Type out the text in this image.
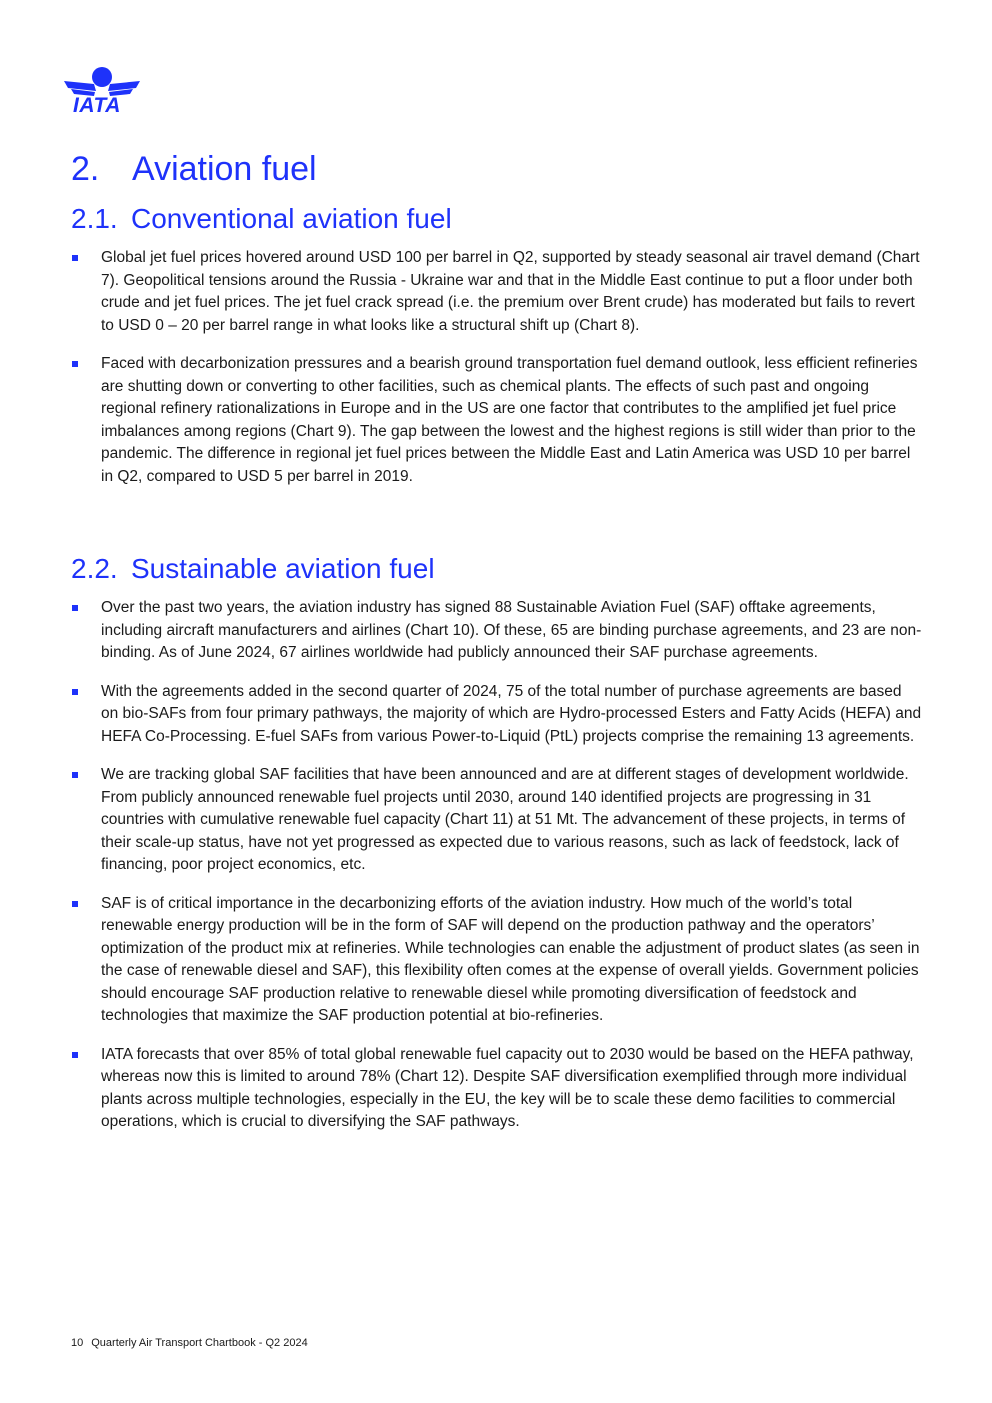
IATA
2. Aviation fuel
2.1. Conventional aviation fuel
Global jet fuel prices hovered around USD 100 per barrel in Q2, supported by steady seasonal air travel demand (Chart 7). Geopolitical tensions around the Russia - Ukraine war and that in the Middle East continue to put a floor under both crude and jet fuel prices. The jet fuel crack spread (i.e. the premium over Brent crude) has moderated but fails to revert to USD 0 – 20 per barrel range in what looks like a structural shift up (Chart 8).
Faced with decarbonization pressures and a bearish ground transportation fuel demand outlook, less efficient refineries are shutting down or converting to other facilities, such as chemical plants. The effects of such past and ongoing regional refinery rationalizations in Europe and in the US are one factor that contributes to the amplified jet fuel price imbalances among regions (Chart 9). The gap between the lowest and the highest regions is still wider than prior to the pandemic. The difference in regional jet fuel prices between the Middle East and Latin America was USD 10 per barrel in Q2, compared to USD 5 per barrel in 2019.
2.2. Sustainable aviation fuel
Over the past two years, the aviation industry has signed 88 Sustainable Aviation Fuel (SAF) offtake agreements, including aircraft manufacturers and airlines (Chart 10). Of these, 65 are binding purchase agreements, and 23 are non-binding. As of June 2024, 67 airlines worldwide had publicly announced their SAF purchase agreements.
With the agreements added in the second quarter of 2024, 75 of the total number of purchase agreements are based on bio-SAFs from four primary pathways, the majority of which are Hydro-processed Esters and Fatty Acids (HEFA) and HEFA Co-Processing. E-fuel SAFs from various Power-to-Liquid (PtL) projects comprise the remaining 13 agreements.
We are tracking global SAF facilities that have been announced and are at different stages of development worldwide. From publicly announced renewable fuel projects until 2030, around 140 identified projects are progressing in 31 countries with cumulative renewable fuel capacity (Chart 11) at 51 Mt. The advancement of these projects, in terms of their scale-up status, have not yet progressed as expected due to various reasons, such as lack of feedstock, lack of financing, poor project economics, etc.
SAF is of critical importance in the decarbonizing efforts of the aviation industry. How much of the world’s total renewable energy production will be in the form of SAF will depend on the production pathway and the operators’ optimization of the product mix at refineries. While technologies can enable the adjustment of product slates (as seen in the case of renewable diesel and SAF), this flexibility often comes at the expense of overall yields. Government policies should encourage SAF production relative to renewable diesel while promoting diversification of feedstock and technologies that maximize the SAF production potential at bio-refineries.
IATA forecasts that over 85% of total global renewable fuel capacity out to 2030 would be based on the HEFA pathway, whereas now this is limited to around 78% (Chart 12). Despite SAF diversification exemplified through more individual plants across multiple technologies, especially in the EU, the key will be to scale these demo facilities to commercial operations, which is crucial to diversifying the SAF pathways.
10 Quarterly Air Transport Chartbook - Q2 2024
